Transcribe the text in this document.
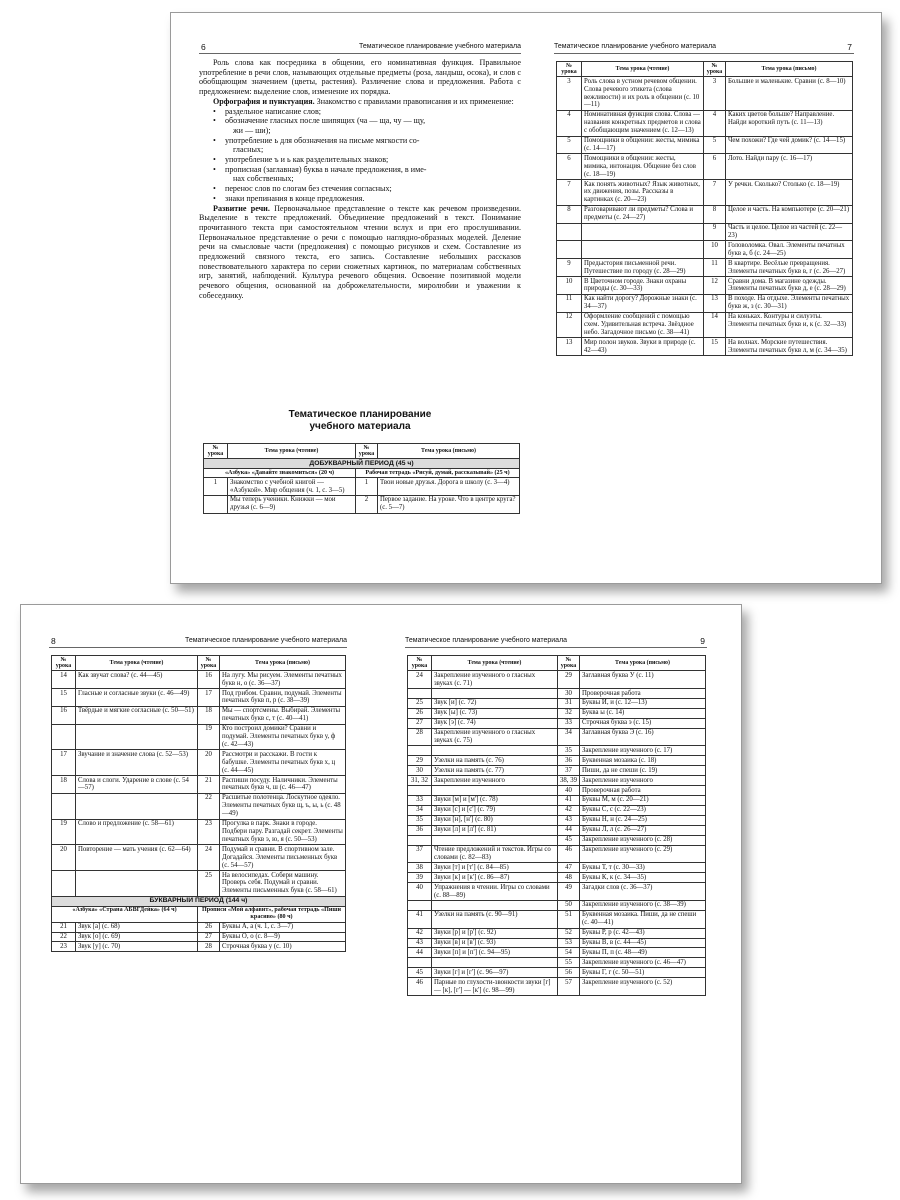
6	Тематическое планирование учебного материала

Роль слова как посредника в общении, его номинативная функция. Правильное употребление в речи слов, называющих отдельные предметы (роза, ландыш, осока), и слов с обобщающим значением (цветы, растения). Различение слова и предложения. Работа с предложением: выделение слов, изменение их порядка.

Орфография и пунктуация. Знакомство с правилами правописания и их применение:

• раздельное написание слов;

• обозначение гласных после шипящих (ча — ща, чу — щу,

жи — ши);

• употребление ь для обозначения на письме мягкости со-

гласных;

• употребление ъ и ь как разделительных знаков;

• прописная (заглавная) буква в начале предложения, в име-

нах собственных;

• перенос слов по слогам без стечения согласных;

• знаки препинания в конце предложения.

Развитие речи. Первоначальное представление о тексте как речевом произведении. Выделение в тексте предложений. Объединение предложений в текст. Понимание прочитанного текста при самостоятельном чтении вслух и при его прослушивании. Первоначальное представление о речи с помощью наглядно-образных моделей. Деление речи на смысловые части (предложения) с помощью рисунков и схем. Составление из предложений связного текста, его запись. Составление небольших рассказов повествовательного характера по серии сюжетных картинок, по материалам собственных игр, занятий, наблюдений. Культура речевого общения. Освоение позитивной модели речевого общения, основанной на доброжелательности, миролюбии и уважении к собеседнику.

Тематическое планирование
учебного материала
№ урока	Тема урока (чтение)	№ урока	Тема урока (письмо)
ДОБУКВАРНЫЙ ПЕРИОД (45 ч)			
«Азбука» «Давайте знакомиться» (20 ч)		Рабочая тетрадь «Рисуй, думай, рассказывай» (25 ч)	
1	Знакомство с учебной книгой — «Азбукой». Мир общения (ч. 1, с. 3—5)	1	Твои новые друзья. Дорога в школу (с. 3—4)
	Мы теперь ученики. Книжки — мои друзья (с. 6—9)	2	Первое задание. На уроке. Что в центре круга? (с. 5—7)
Тематическое планирование учебного материала	7
№ урока	Тема урока (чтение)	№ урока	Тема урока (письмо)
3	Роль слова в устном речевом общении. Слова речевого этикета (слова вежливости) и их роль в общении (с. 10—11)	3	Большие и маленькие. Сравни (с. 8—10)
4	Номинативная функция слова. Слова — названия конкретных предметов и слова с обобщающим значением (с. 12—13)	4	Каких цветов больше? Направление. Найди короткий путь (с. 11—13)
5	Помощники в общении: жесты, мимика (с. 14—17)	5	Чем похожи? Где чей домик? (с. 14—15)
6	Помощники в общении: жесты, мимика, интонация. Общение без слов (с. 18—19)	6	Лото. Найди пару (с. 16—17)
7	Как понять животных? Язык животных, их движения, позы. Рассказы в картинках (с. 20—23)	7	У речки. Сколько? Столько (с. 18—19)
8	Разговаривают ли предметы? Слова и предметы (с. 24—27)	8	Целое и часть. На компьютере (с. 20—21)
		9	Часть и целое. Целое из частей (с. 22—23)
		10	Головоломка. Овал. Элементы печатных букв а, б (с. 24—25)
9	Предыстория письменной речи. Путешествие по городу (с. 28—29)	11	В квартире. Весёлые превращения. Элементы печатных букв в, г (с. 26—27)
10	В Цветочном городе. Знаки охраны природы (с. 30—33)	12	Сравни дома. В магазине одежды. Элементы печатных букв д, е (с. 28—29)
11	Как найти дорогу? Дорожные знаки (с. 34—37)	13	В походе. На отдыхе. Элементы печатных букв ж, з (с. 30—31)
12	Оформление сообщений с помощью схем. Удивительная встреча. Звёздное небо. Загадочное письмо (с. 38—41)	14	На коньках. Контуры и силуэты. Элементы печатных букв и, к (с. 32—33)
13	Мир полон звуков. Звуки в природе (с. 42—43)	15	На волнах. Морские путешествия. Элементы печатных букв л, м (с. 34—35)
8	Тематическое планирование учебного материала
№ урока	Тема урока (чтение)	№ урока	Тема урока (письмо)
14	Как звучат слова? (с. 44—45)	16	На лугу. Мы рисуем. Элементы печатных букв н, о (с. 36—37)
15	Гласные и согласные звуки (с. 46—49)	17	Под грибом. Сравни, подумай. Элементы печатных букв п, р (с. 38—39)
16	Твёрдые и мягкие согласные (с. 50—51)	18	Мы — спортсмены. Выбирай. Элементы печатных букв с, т (с. 40—41)
		19	Кто построил домики? Сравни и подумай. Элементы печатных букв у, ф (с. 42—43)
17	Звучание и значение слова (с. 52—53)	20	Рассмотри и расскажи. В гости к бабушке. Элементы печатных букв х, ц (с. 44—45)
18	Слова и слоги. Ударение в слове (с. 54—57)	21	Распиши посуду. Наличники. Элементы печатных букв ч, ш (с. 46—47)
		22	Расшитые полотенца. Лоскутное одеяло. Элементы печатных букв щ, ъ, ы, ь (с. 48—49)
19	Слово и предложение (с. 58—61)	23	Прогулка в парк. Знаки в городе. Подбери пару. Разгадай секрет. Элементы печатных букв э, ю, я (с. 50—53)
20	Повторение — мать учения (с. 62—64)	24	Подумай и сравни. В спортивном зале. Догадайся. Элементы письменных букв (с. 54—57)
		25	На велосипедах. Собери машину. Проверь себя. Подумай и сравни. Элементы письменных букв (с. 58—61)
БУКВАРНЫЙ ПЕРИОД (144 ч)			
«Азбука» «Страна АБВГДейка» (64 ч)		Прописи «Мой алфавит», рабочая тетрадь «Пиши красиво» (80 ч)	
21	Звук [а] (с. 68)	26	Буквы А, а (ч. 1, с. 3—7)
22	Звук [о] (с. 69)	27	Буквы О, о (с. 8—9)
23	Звук [у] (с. 70)	28	Строчная буква у (с. 10)
Тематическое планирование учебного материала	9
№ урока	Тема урока (чтение)	№ урока	Тема урока (письмо)
24	Закрепление изученного о гласных звуках (с. 71)	29	Заглавная буква У (с. 11)
		30	Проверочная работа
25	Звук [и] (с. 72)	31	Буквы И, и (с. 12—13)
26	Звук [ы] (с. 73)	32	Буква ы (с. 14)
27	Звук [э] (с. 74)	33	Строчная буква э (с. 15)
28	Закрепление изученного о гласных звуках (с. 75)	34	Заглавная буква Э (с. 16)
		35	Закрепление изученного (с. 17)
29	Узелки на память (с. 76)	36	Буквенная мозаика (с. 18)
30	Узелки на память (с. 77)	37	Пиши, да не спеши (с. 19)
31, 32	Закрепление изученного	38, 39	Закрепление изученного
		40	Проверочная работа
33	Звуки [м] и [м'] (с. 78)	41	Буквы М, м (с. 20—21)
34	Звуки [с] и [с'] (с. 79)	42	Буквы С, с (с. 22—23)
35	Звуки [н], [н'] (с. 80)	43	Буквы Н, н (с. 24—25)
36	Звуки [л] и [л'] (с. 81)	44	Буквы Л, л (с. 26—27)
		45	Закрепление изученного (с. 28)
37	Чтение предложений и текстов. Игры со словами (с. 82—83)	46	Закрепление изученного (с. 29)
38	Звуки [т] и [т'] (с. 84—85)	47	Буквы Т, т (с. 30—33)
39	Звуки [к] и [к'] (с. 86—87)	48	Буквы К, к (с. 34—35)
40	Упражнения в чтении. Игры со словами (с. 88—89)	49	Загадки слов (с. 36—37)
		50	Закрепление изученного (с. 38—39)
41	Узелки на память (с. 90—91)	51	Буквенная мозаика. Пиши, да не спеши (с. 40—41)
42	Звуки [р] и [р'] (с. 92)	52	Буквы Р, р (с. 42—43)
43	Звуки [в] и [в'] (с. 93)	53	Буквы В, в (с. 44—45)
44	Звуки [п] и [п'] (с. 94—95)	54	Буквы П, п (с. 48—49)
		55	Закрепление изученного (с. 46—47)
45	Звуки [г] и [г'] (с. 96—97)	56	Буквы Г, г (с. 50—51)
46	Парные по глухости-звонкости звуки [г] — [к], [г'] — [к'] (с. 98—99)	57	Закрепление изученного (с. 52)
